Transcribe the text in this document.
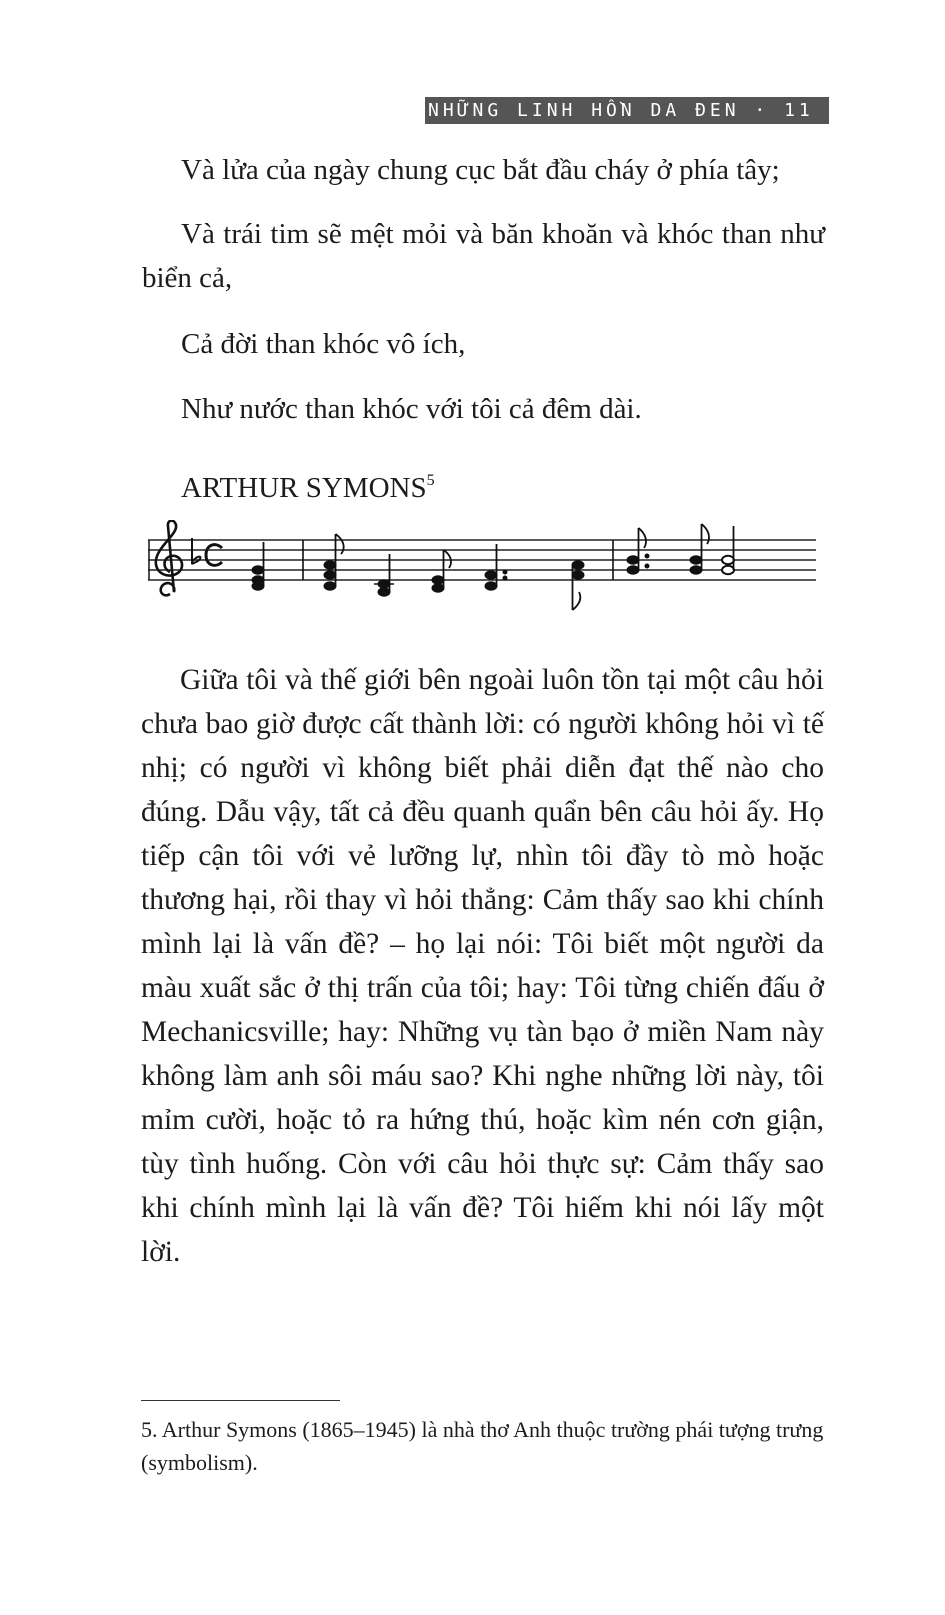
NHỮNG LINH HỒN DA ĐEN · 11

Và lửa của ngày chung cục bắt đầu cháy ở phía tây;

Và trái tim sẽ mệt mỏi và băn khoăn và khóc than như biển cả,

Cả đời than khóc vô ích,

Như nước than khóc với tôi cả đêm dài.

ARTHUR SYMONS$^5$

Giữa tôi và thế giới bên ngoài luôn tồn tại một câu hỏi chưa bao giờ được cất thành lời: có người không hỏi vì tế nhị; có người vì không biết phải diễn đạt thế nào cho đúng. Dẫu vậy, tất cả đều quanh quẩn bên câu hỏi ấy. Họ tiếp cận tôi với vẻ lưỡng lự, nhìn tôi đầy tò mò hoặc thương hại, rồi thay vì hỏi thẳng: Cảm thấy sao khi chính mình lại là vấn đề? – họ lại nói: Tôi biết một người da màu xuất sắc ở thị trấn của tôi; hay: Tôi từng chiến đấu ở Mechanicsville; hay: Những vụ tàn bạo ở miền Nam này không làm anh sôi máu sao? Khi nghe những lời này, tôi mỉm cười, hoặc tỏ ra hứng thú, hoặc kìm nén cơn giận, tùy tình huống. Còn với câu hỏi thực sự: Cảm thấy sao khi chính mình lại là vấn đề? Tôi hiếm khi nói lấy một lời.

5. Arthur Symons (1865–1945) là nhà thơ Anh thuộc trường phái tượng trưng (symbolism).
